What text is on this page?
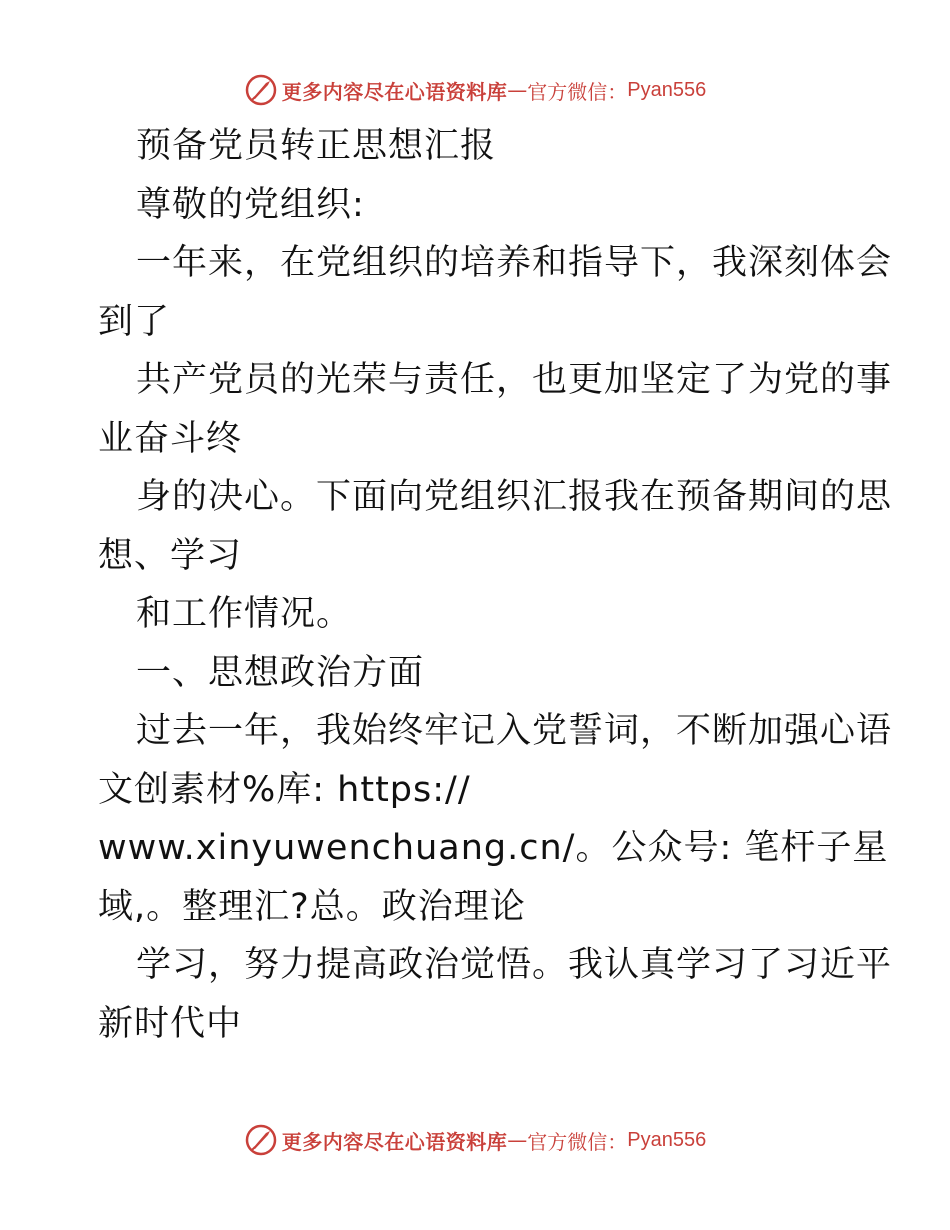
更多内容尽在心语资料库 — 官方微信： Pyan556
预备党员转正思想汇报
尊敬的党组织:
一年来，在党组织的培养和指导下，我深刻体会
到了
共产党员的光荣与责任，也更加坚定了为党的事
业奋斗终
身的决心。下面向党组织汇报我在预备期间的思
想、学习
和工作情况。
一、思想政治方面
过去一年，我始终牢记入党誓词，不断加强心语
文创素材%库: https://
www.xinyuwenchuang.cn/。公众号: 笔杆子星
域,。整理汇?总。政治理论
学习，努力提高政治觉悟。我认真学习了习近平
新时代中
更多内容尽在心语资料库 — 官方微信： Pyan556
